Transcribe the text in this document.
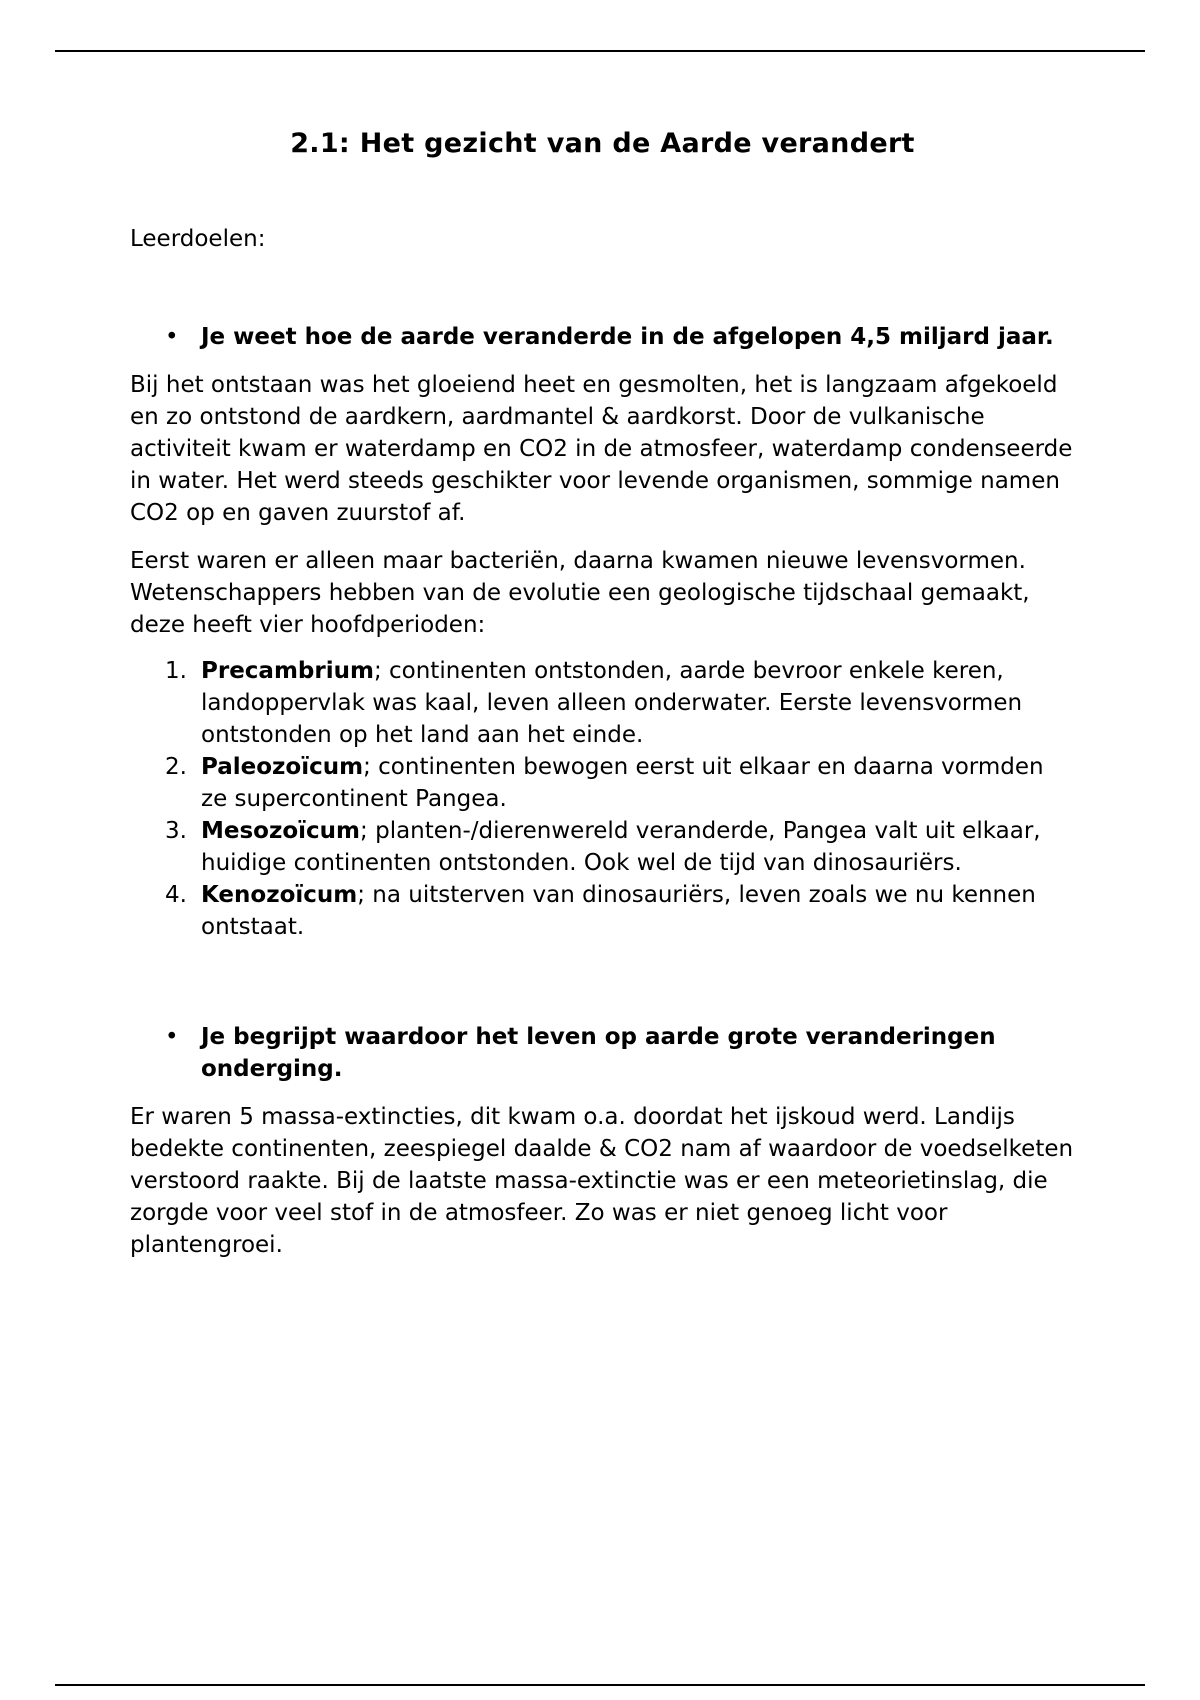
2.1: Het gezicht van de Aarde verandert

Leerdoelen:

• Je weet hoe de aarde veranderde in de afgelopen 4,5 miljard jaar.

Bij het ontstaan was het gloeiend heet en gesmolten, het is langzaam afgekoeld en zo ontstond de aardkern, aardmantel & aardkorst. Door de vulkanische activiteit kwam er waterdamp en CO2 in de atmosfeer, waterdamp condenseerde in water. Het werd steeds geschikter voor levende organismen, sommige namen CO2 op en gaven zuurstof af.

Eerst waren er alleen maar bacteriën, daarna kwamen nieuwe levensvormen. Wetenschappers hebben van de evolutie een geologische tijdschaal gemaakt, deze heeft vier hoofdperioden:

1. Precambrium; continenten ontstonden, aarde bevroor enkele keren, landoppervlak was kaal, leven alleen onderwater. Eerste levensvormen ontstonden op het land aan het einde.
2. Paleozoïcum; continenten bewogen eerst uit elkaar en daarna vormden ze supercontinent Pangea.
3. Mesozoïcum; planten-/dierenwereld veranderde, Pangea valt uit elkaar, huidige continenten ontstonden. Ook wel de tijd van dinosauriërs.
4. Kenozoïcum; na uitsterven van dinosauriërs, leven zoals we nu kennen ontstaat.
• Je begrijpt waardoor het leven op aarde grote veranderingen onderging.

Er waren 5 massa-extincties, dit kwam o.a. doordat het ijskoud werd. Landijs bedekte continenten, zeespiegel daalde & CO2 nam af waardoor de voedselketen verstoord raakte. Bij de laatste massa-extinctie was er een meteorietinslag, die zorgde voor veel stof in de atmosfeer. Zo was er niet genoeg licht voor plantengroei.
